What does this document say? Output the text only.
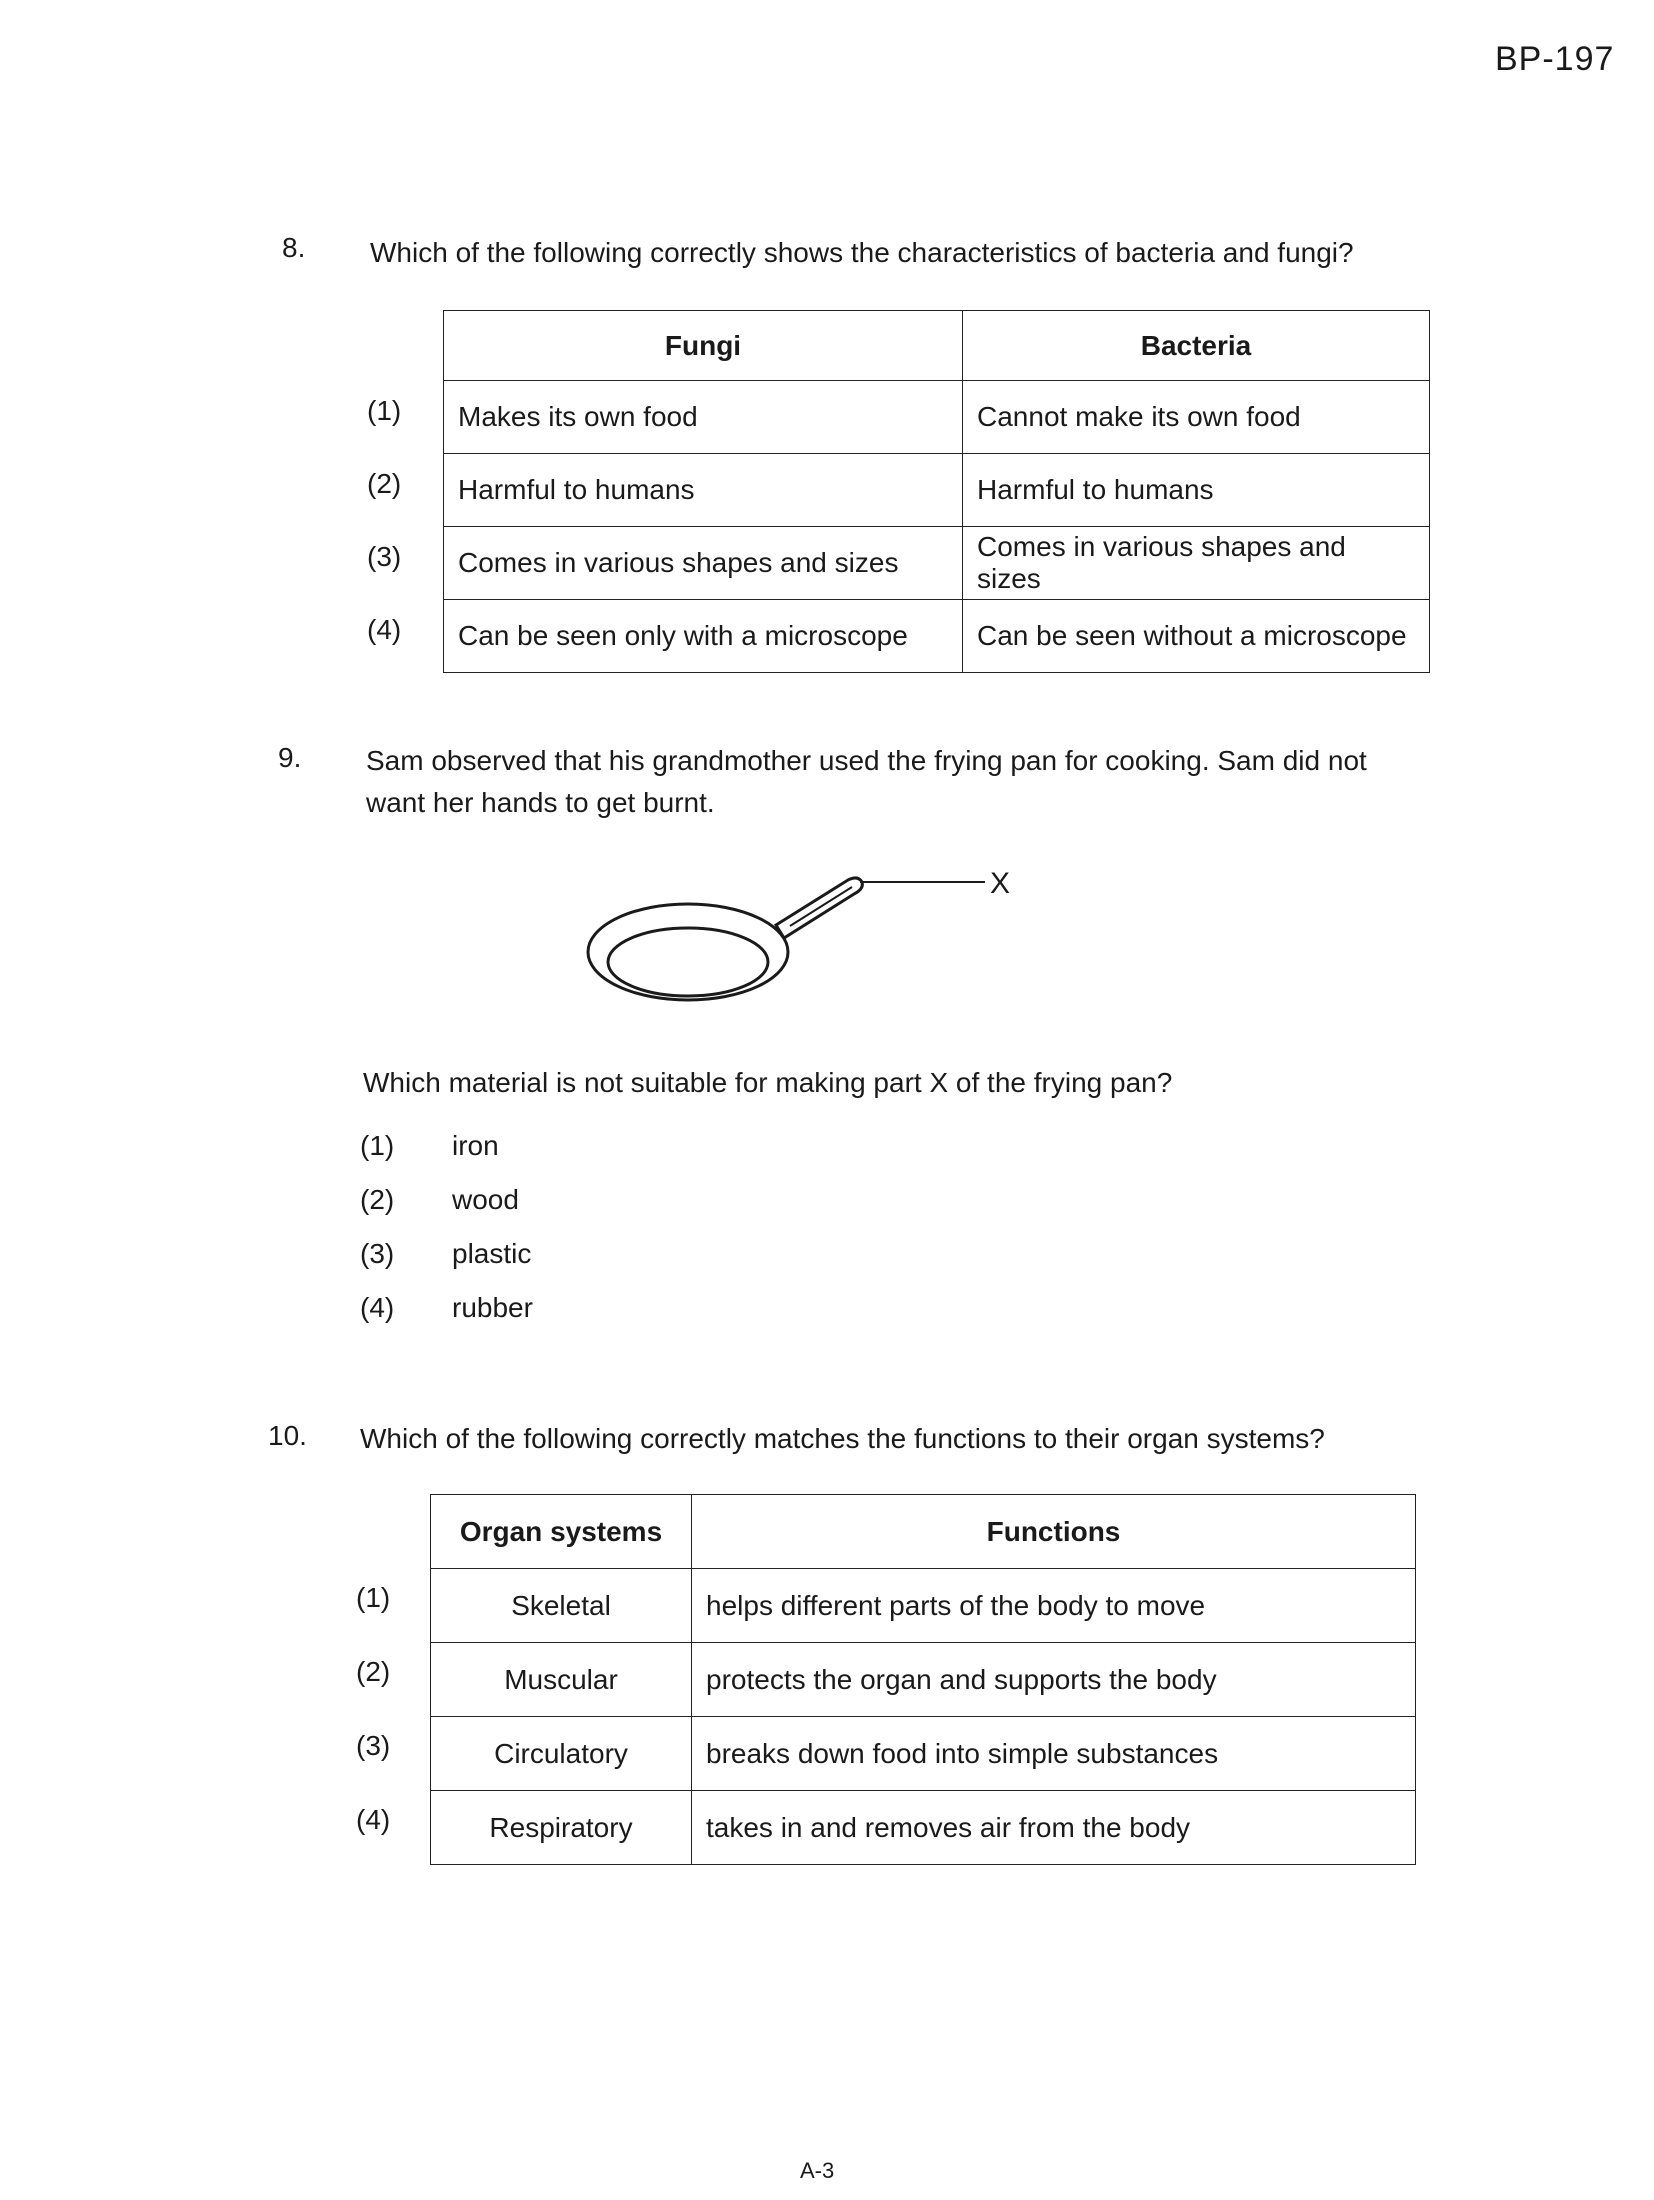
BP-197
8. Which of the following correctly shows the characteristics of bacteria and fungi?
(1)
(2)
(3)
(4)
Fungi	Bacteria
Makes its own food	Cannot make its own food
Harmful to humans	Harmful to humans
Comes in various shapes and sizes	Comes in various shapes and sizes
Can be seen only with a microscope	Can be seen without a microscope
9. Sam observed that his grandmother used the frying pan for cooking. Sam did not want her hands to get burnt.
X
Which material is not suitable for making part X of the frying pan?
(1) iron
(2) wood
(3) plastic
(4) rubber
10. Which of the following correctly matches the functions to their organ systems?
(1)
(2)
(3)
(4)
Organ systems	Functions
Skeletal	helps different parts of the body to move
Muscular	protects the organ and supports the body
Circulatory	breaks down food into simple substances
Respiratory	takes in and removes air from the body
A-3
